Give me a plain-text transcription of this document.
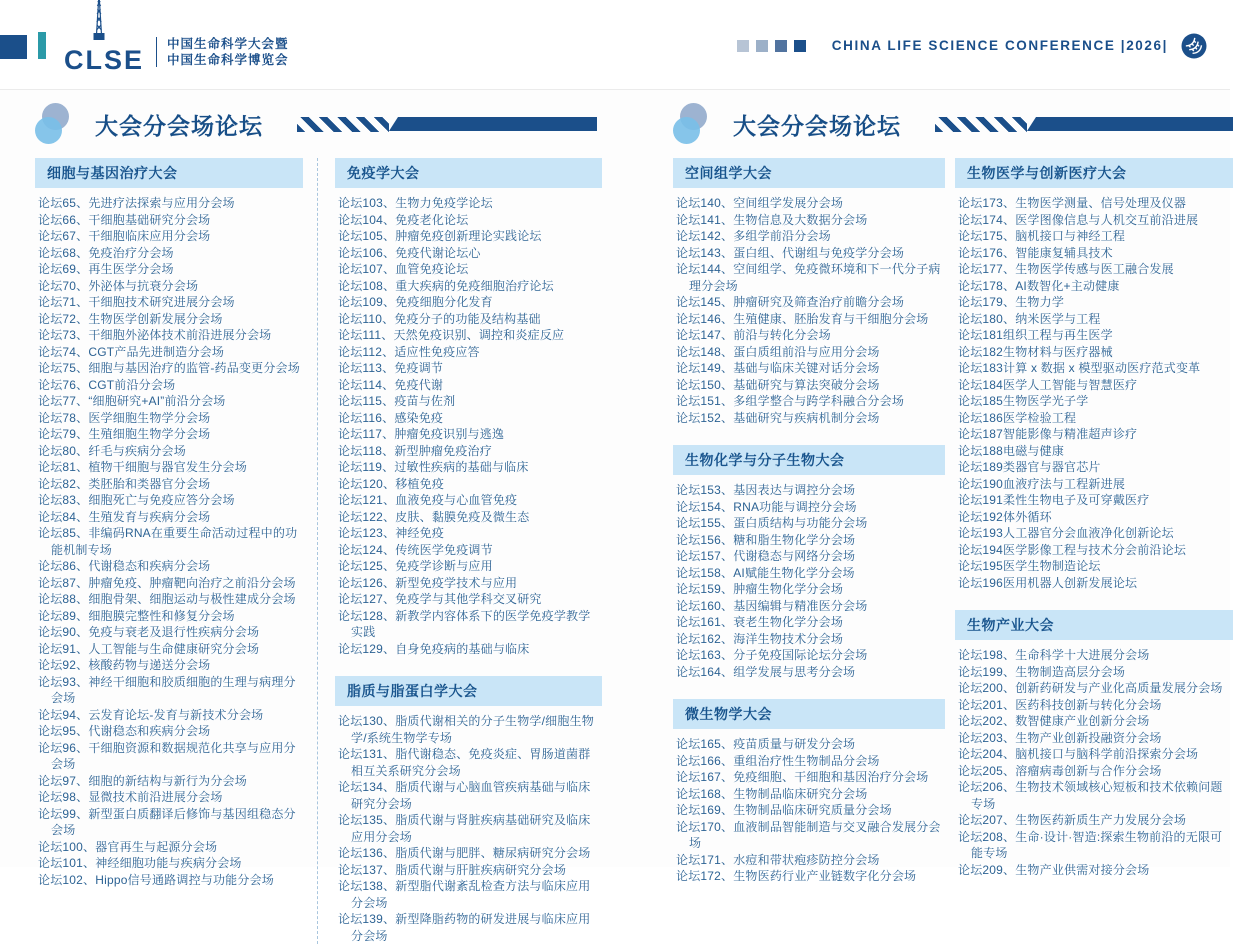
CLSE
中国生命科学大会暨
中国生命科学博览会
CHINA LIFE SCIENCE CONFERENCE |2026|
大会分会场论坛
细胞与基因治疗大会
论坛65、先进疗法探索与应用分会场
论坛66、干细胞基础研究分会场
论坛67、干细胞临床应用分会场
论坛68、免疫治疗分会场
论坛69、再生医学分会场
论坛70、外泌体与抗衰分会场
论坛71、干细胞技术研究进展分会场
论坛72、生物医学创新发展分会场
论坛73、干细胞外泌体技术前沿进展分会场
论坛74、CGT产品先进制造分会场
论坛75、细胞与基因治疗的监管-药品变更分会场
论坛76、CGT前沿分会场
论坛77、“细胞研究+AI”前沿分会场
论坛78、医学细胞生物学分会场
论坛79、生殖细胞生物学分会场
论坛80、纤毛与疾病分会场
论坛81、植物干细胞与器官发生分会场
论坛82、类胚胎和类器官分会场
论坛83、细胞死亡与免疫应答分会场
论坛84、生殖发育与疾病分会场
论坛85、非编码RNA在重要生命活动过程中的功能机制专场
论坛86、代谢稳态和疾病分会场
论坛87、肿瘤免疫、肿瘤靶向治疗之前沿分会场
论坛88、细胞骨架、细胞运动与极性建成分会场
论坛89、细胞膜完整性和修复分会场
论坛90、免疫与衰老及退行性疾病分会场
论坛91、人工智能与生命健康研究分会场
论坛92、核酸药物与递送分会场
论坛93、神经干细胞和胶质细胞的生理与病理分会场
论坛94、云发育论坛-发育与新技术分会场
论坛95、代谢稳态和疾病分会场
论坛96、干细胞资源和数据规范化共享与应用分会场
论坛97、细胞的新结构与新行为分会场
论坛98、显微技术前沿进展分会场
论坛99、新型蛋白质翻译后修饰与基因组稳态分会场
论坛100、器官再生与起源分会场
论坛101、神经细胞功能与疾病分会场
论坛102、Hippo信号通路调控与功能分会场
免疫学大会
论坛103、生物力免疫学论坛
论坛104、免疫老化论坛
论坛105、肿瘤免疫创新理论实践论坛
论坛106、免疫代谢论坛心
论坛107、血管免疫论坛
论坛108、重大疾病的免疫细胞治疗论坛
论坛109、免疫细胞分化发育
论坛110、免疫分子的功能及结构基础
论坛111、天然免疫识别、调控和炎症反应
论坛112、适应性免疫应答
论坛113、免疫调节
论坛114、免疫代谢
论坛115、疫苗与佐剂
论坛116、感染免疫
论坛117、肿瘤免疫识别与逃逸
论坛118、新型肿瘤免疫治疗
论坛119、过敏性疾病的基础与临床
论坛120、移植免疫
论坛121、血液免疫与心血管免疫
论坛122、皮肤、黏膜免疫及微生态
论坛123、神经免疫
论坛124、传统医学免疫调节
论坛125、免疫学诊断与应用
论坛126、新型免疫学技术与应用
论坛127、免疫学与其他学科交叉研究
论坛128、新教学内容体系下的医学免疫学教学实践
论坛129、自身免疫病的基础与临床
脂质与脂蛋白学大会
论坛130、脂质代谢相关的分子生物学/细胞生物学/系统生物学专场
论坛131、脂代谢稳态、免疫炎症、胃肠道菌群相互关系研究分会场
论坛134、脂质代谢与心脑血管疾病基础与临床研究分会场
论坛135、脂质代谢与肾脏疾病基础研究及临床应用分会场
论坛136、脂质代谢与肥胖、糖尿病研究分会场
论坛137、脂质代谢与肝脏疾病研究分会场
论坛138、新型脂代谢紊乱检查方法与临床应用分会场
论坛139、新型降脂药物的研发进展与临床应用分会场
大会分会场论坛
空间组学大会
论坛140、空间组学发展分会场
论坛141、生物信息及大数据分会场
论坛142、多组学前沿分会场
论坛143、蛋白组、代谢组与免疫学分会场
论坛144、空间组学、免疫微环境和下一代分子病理分会场
论坛145、肿瘤研究及筛查治疗前瞻分会场
论坛146、生殖健康、胚胎发育与干细胞分会场
论坛147、前沿与转化分会场
论坛148、蛋白质组前沿与应用分会场
论坛149、基础与临床关键对话分会场
论坛150、基础研究与算法突破分会场
论坛151、多组学整合与跨学科融合分会场
论坛152、基础研究与疾病机制分会场
生物化学与分子生物大会
论坛153、基因表达与调控分会场
论坛154、RNA功能与调控分会场
论坛155、蛋白质结构与功能分会场
论坛156、糖和脂生物化学分会场
论坛157、代谢稳态与网络分会场
论坛158、AI赋能生物化学分会场
论坛159、肿瘤生物化学分会场
论坛160、基因编辑与精准医分会场
论坛161、衰老生物化学分会场
论坛162、海洋生物技术分会场
论坛163、分子免疫国际论坛分会场
论坛164、组学发展与思考分会场
微生物学大会
论坛165、疫苗质量与研发分会场
论坛166、重组治疗性生物制品分会场
论坛167、免疫细胞、干细胞和基因治疗分会场
论坛168、生物制品临床研究分会场
论坛169、生物制品临床研究质量分会场
论坛170、血液制品智能制造与交叉融合发展分会场
论坛171、水痘和带状疱疹防控分会场
论坛172、生物医药行业产业链数字化分会场
生物医学与创新医疗大会
论坛173、生物医学测量、信号处理及仪器
论坛174、医学图像信息与人机交互前沿进展
论坛175、脑机接口与神经工程
论坛176、智能康复辅具技术
论坛177、生物医学传感与医工融合发展
论坛178、AI数智化+主动健康
论坛179、生物力学
论坛180、纳米医学与工程
论坛181组织工程与再生医学
论坛182生物材料与医疗器械
论坛183计算 x 数据 x 模型驱动医疗范式变革
论坛184医学人工智能与智慧医疗
论坛185生物医学光子学
论坛186医学检验工程
论坛187智能影像与精准超声诊疗
论坛188电磁与健康
论坛189类器官与器官芯片
论坛190血液疗法与工程新进展
论坛191柔性生物电子及可穿戴医疗
论坛192体外循环
论坛193人工器官分会血液净化创新论坛
论坛194医学影像工程与技术分会前沿论坛
论坛195医学生物制造论坛
论坛196医用机器人创新发展论坛
生物产业大会
论坛198、生命科学十大进展分会场
论坛199、生物制造高层分会场
论坛200、创新药研发与产业化高质量发展分会场
论坛201、医药科技创新与转化分会场
论坛202、数智健康产业创新分会场
论坛203、生物产业创新投融资分会场
论坛204、脑机接口与脑科学前沿探索分会场
论坛205、溶瘤病毒创新与合作分会场
论坛206、生物技术领域核心短板和技术依赖问题专场
论坛207、生物医药新质生产力发展分会场
论坛208、生命·设计·智造:探索生物前沿的无限可能专场
论坛209、生物产业供需对接分会场
